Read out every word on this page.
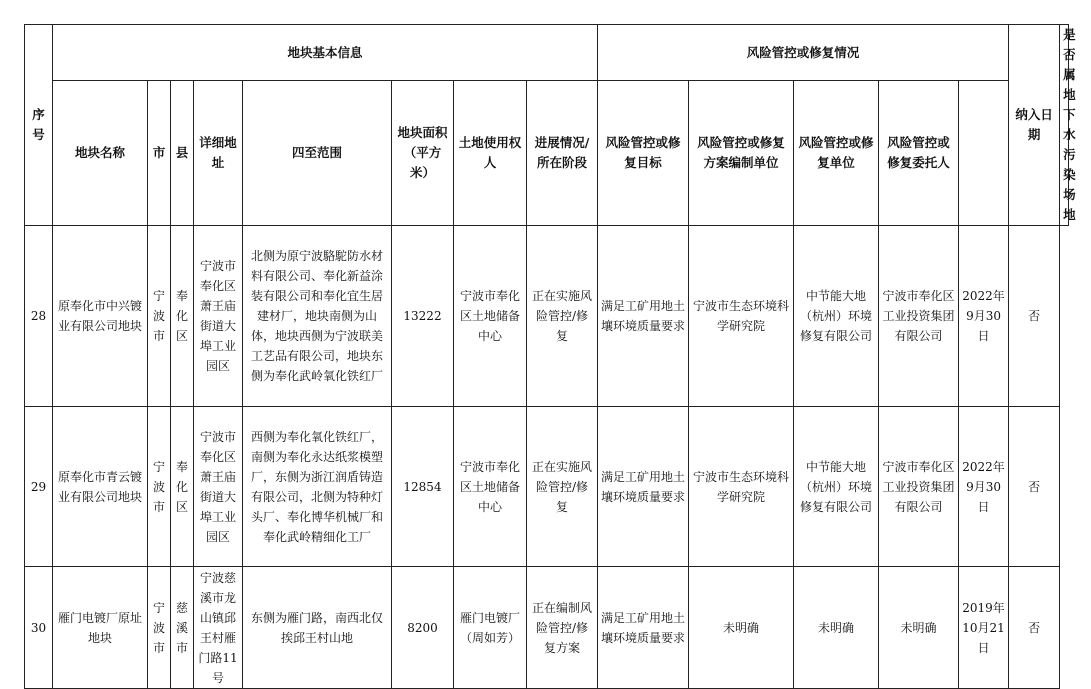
序号	地块基本信息								风险管控或修复情况					纳入日期	是否属地下水污染场地
	地块名称	市	县	详细地址	四至范围	地块面积（平方米）	土地使用权人	进展情况/所在阶段	风险管控或修复目标	风险管控或修复方案编制单位	风险管控或修复单位	风险管控或修复委托人			
28	原奉化市中兴镀业有限公司地块	宁波市	奉化区	宁波市奉化区萧王庙街道大埠工业园区	北侧为原宁波駱駝防水材料有限公司、奉化新益涂装有限公司和奉化宜生居建材厂，地块南侧为山体，地块西侧为宁波联美工艺品有限公司，地块东侧为奉化武岭氧化铁红厂	13222	宁波市奉化区土地储备中心	正在实施风险管控/修复	满足工矿用地土壤环境质量要求	宁波市生态环境科学研究院	中节能大地（杭州）环境修复有限公司	宁波市奉化区工业投资集团有限公司	2022年9月30日	否	
29	原奉化市青云镀业有限公司地块	宁波市	奉化区	宁波市奉化区萧王庙街道大埠工业园区	西侧为奉化氧化铁红厂，南侧为奉化永达纸浆模塑厂，东侧为浙江润盾铸造有限公司，北侧为特种灯头厂、奉化博华机械厂和奉化武岭精细化工厂	12854	宁波市奉化区土地储备中心	正在实施风险管控/修复	满足工矿用地土壤环境质量要求	宁波市生态环境科学研究院	中节能大地（杭州）环境修复有限公司	宁波市奉化区工业投资集团有限公司	2022年9月30日	否	
30	雁门电镀厂原址地块	宁波市	慈溪市	宁波慈溪市龙山镇邱王村雁门路11号	东侧为雁门路，南西北仅挨邱王村山地	8200	雁门电镀厂（周如芳）	正在编制风险管控/修复方案	满足工矿用地土壤环境质量要求	未明确	未明确	未明确	2019年10月21日	否	
